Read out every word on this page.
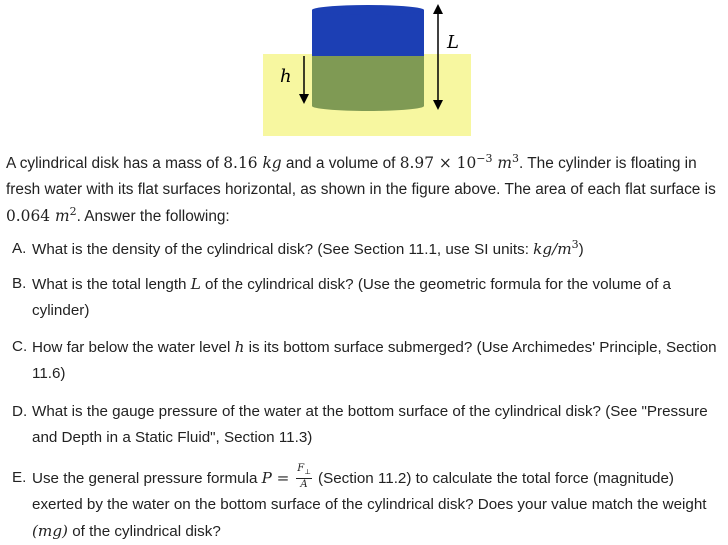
h
L

A cylindrical disk has a mass of 8.16 kg and a volume of $8.97 \times 10^{-3}$ $m^3$. The cylinder is floating in fresh water with its flat surfaces horizontal, as shown in the figure above. The area of each flat surface is 0.064 $m^2$. Answer the following:

A. What is the density of the cylindrical disk? (See Section 11.1, use SI units: $kg/m^3$)
B. What is the total length L of the cylindrical disk? (Use the geometric formula for the volume of a cylinder)
C. How far below the water level h is its bottom surface submerged? (Use Archimedes' Principle, Section 11.6)
D. What is the gauge pressure of the water at the bottom surface of the cylindrical disk? (See "Pressure and Depth in a Static Fluid", Section 11.3)
E. Use the general pressure formula $P = \frac{F_\perp}{A}$ (Section 11.2) to calculate the total force (magnitude) exerted by the water on the bottom surface of the cylindrical disk? Does your value match the weight (mg) of the cylindrical disk?
